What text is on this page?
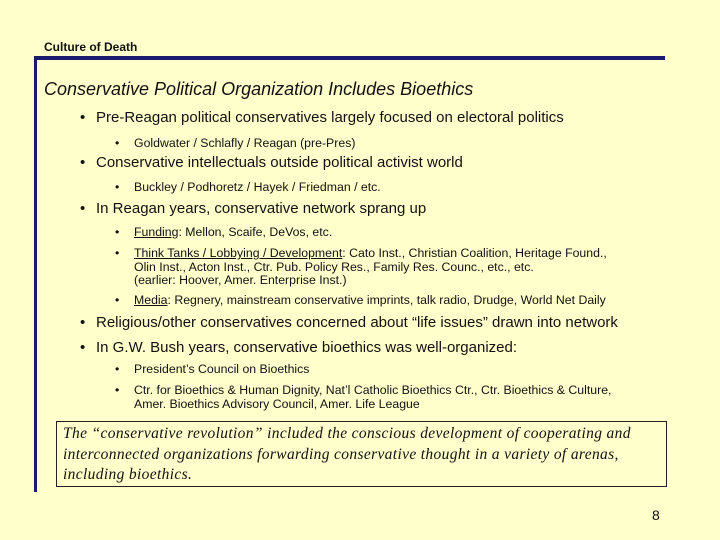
Culture of Death
Conservative Political Organization Includes Bioethics
• Pre-Reagan political conservatives largely focused on electoral politics
• Goldwater / Schlafly / Reagan (pre-Pres)
• Conservative intellectuals outside political activist world
• Buckley / Podhoretz / Hayek / Friedman / etc.
• In Reagan years, conservative network sprang up
• Funding: Mellon, Scaife, DeVos, etc.
• Think Tanks / Lobbying / Development: Cato Inst., Christian Coalition, Heritage Found.,
Olin Inst., Acton Inst., Ctr. Pub. Policy Res., Family Res. Counc., etc., etc.
(earlier: Hoover, Amer. Enterprise Inst.)
• Media: Regnery, mainstream conservative imprints, talk radio, Drudge, World Net Daily
• Religious/other conservatives concerned about “life issues” drawn into network
• In G.W. Bush years, conservative bioethics was well-organized:
• President’s Council on Bioethics
• Ctr. for Bioethics & Human Dignity, Nat’l Catholic Bioethics Ctr., Ctr. Bioethics & Culture,
Amer. Bioethics Advisory Council, Amer. Life League
The “conservative revolution” included the conscious development of cooperating and interconnected organizations forwarding conservative thought in a variety of arenas, including bioethics.
8
